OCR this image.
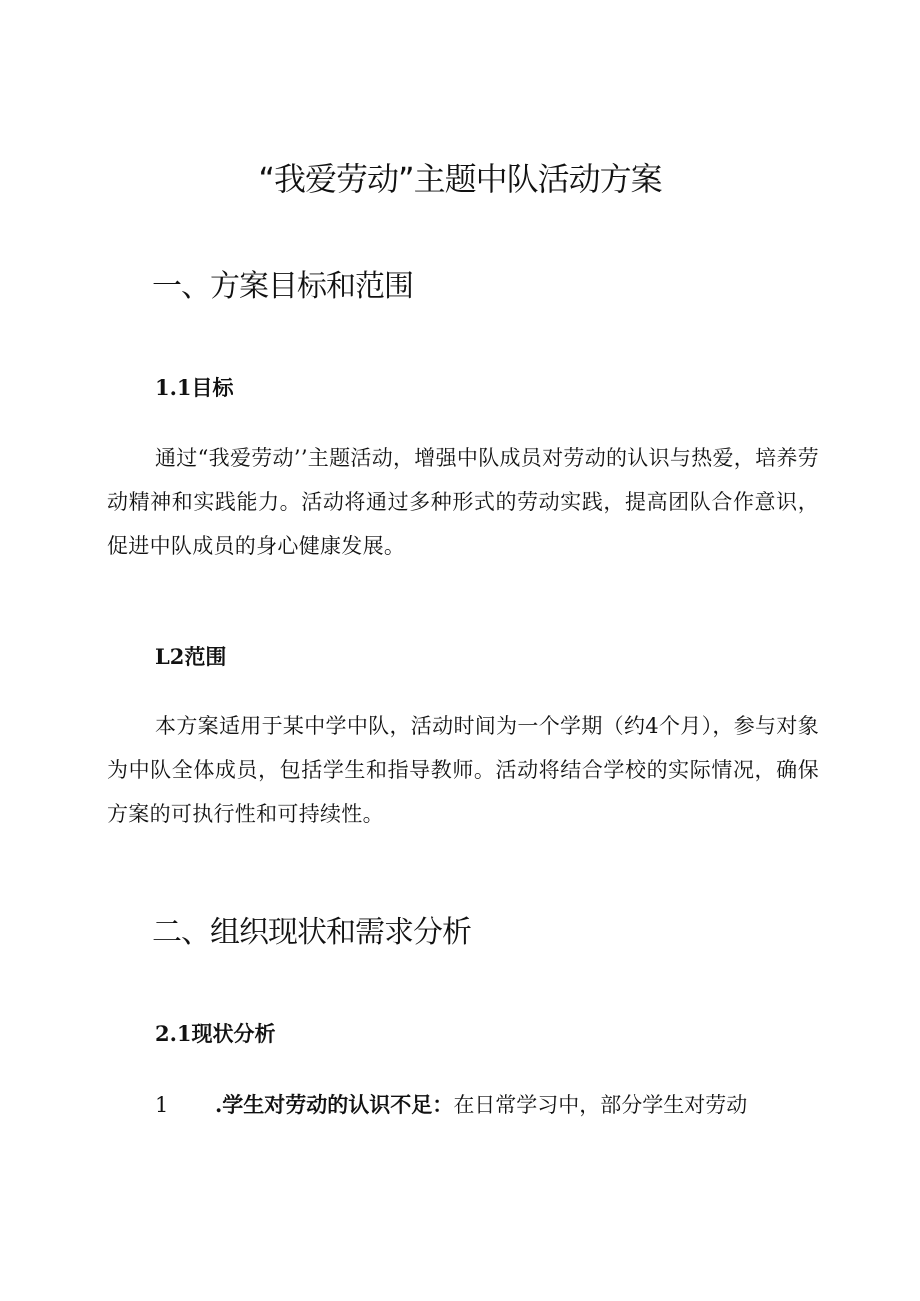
“我爱劳动”主题中队活动方案
一、方案目标和范围
1.1目标
通过“我爱劳动’’主题活动，增强中队成员对劳动的认识与热爱，培养劳动精神和实践能力。活动将通过多种形式的劳动实践，提高团队合作意识，促进中队成员的身心健康发展。
L2范围
本方案适用于某中学中队，活动时间为一个学期（约4个月），参与对象为中队全体成员，包括学生和指导教师。活动将结合学校的实际情况，确保方案的可执行性和可持续性。
二、组织现状和需求分析
2.1现状分析
1 .学生对劳动的认识不足：在日常学习中，部分学生对劳动
